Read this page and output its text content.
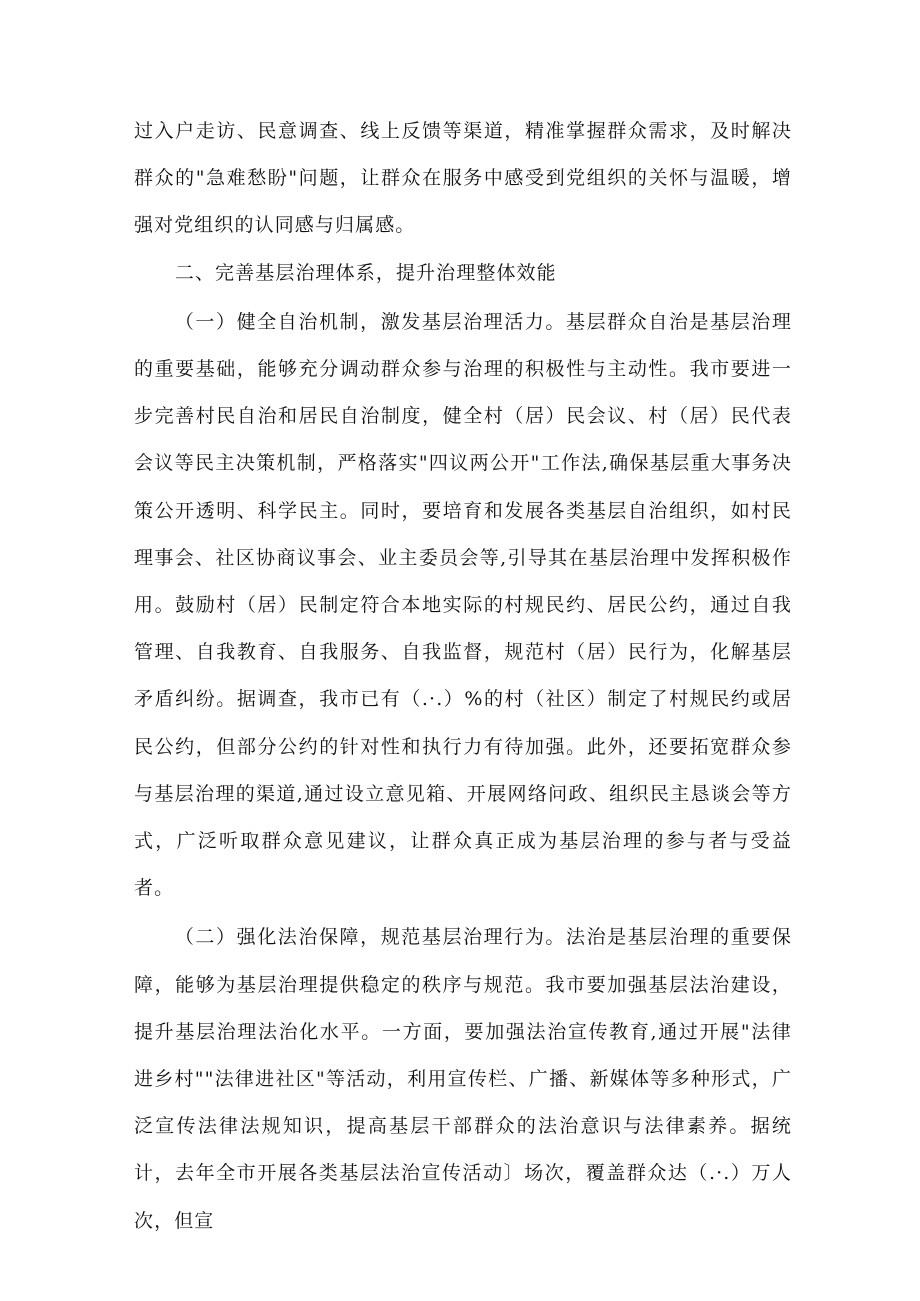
过入户走访、民意调查、线上反馈等渠道，精准掌握群众需求，及时解决群众的"急难愁盼"问题，让群众在服务中感受到党组织的关怀与温暖，增强对党组织的认同感与归属感。

二、完善基层治理体系，提升治理整体效能

（一）健全自治机制，激发基层治理活力。基层群众自治是基层治理的重要基础，能够充分调动群众参与治理的积极性与主动性。我市要进一步完善村民自治和居民自治制度，健全村（居）民会议、村（居）民代表会议等民主决策机制，严格落实"四议两公开"工作法,确保基层重大事务决策公开透明、科学民主。同时，要培育和发展各类基层自治组织，如村民理事会、社区协商议事会、业主委员会等,引导其在基层治理中发挥积极作用。鼓励村（居）民制定符合本地实际的村规民约、居民公约，通过自我管理、自我教育、自我服务、自我监督，规范村（居）民行为，化解基层矛盾纠纷。据调查，我市已有（.·.）%的村（社区）制定了村规民约或居民公约，但部分公约的针对性和执行力有待加强。此外，还要拓宽群众参与基层治理的渠道,通过设立意见箱、开展网络问政、组织民主恳谈会等方式，广泛听取群众意见建议，让群众真正成为基层治理的参与者与受益者。

（二）强化法治保障，规范基层治理行为。法治是基层治理的重要保障，能够为基层治理提供稳定的秩序与规范。我市要加强基层法治建设，提升基层治理法治化水平。一方面，要加强法治宣传教育,通过开展"法律进乡村""法律进社区"等活动，利用宣传栏、广播、新媒体等多种形式，广泛宣传法律法规知识，提高基层干部群众的法治意识与法律素养。据统计，去年全市开展各类基层法治宣传活动〕场次，覆盖群众达（.·.）万人次，但宣
